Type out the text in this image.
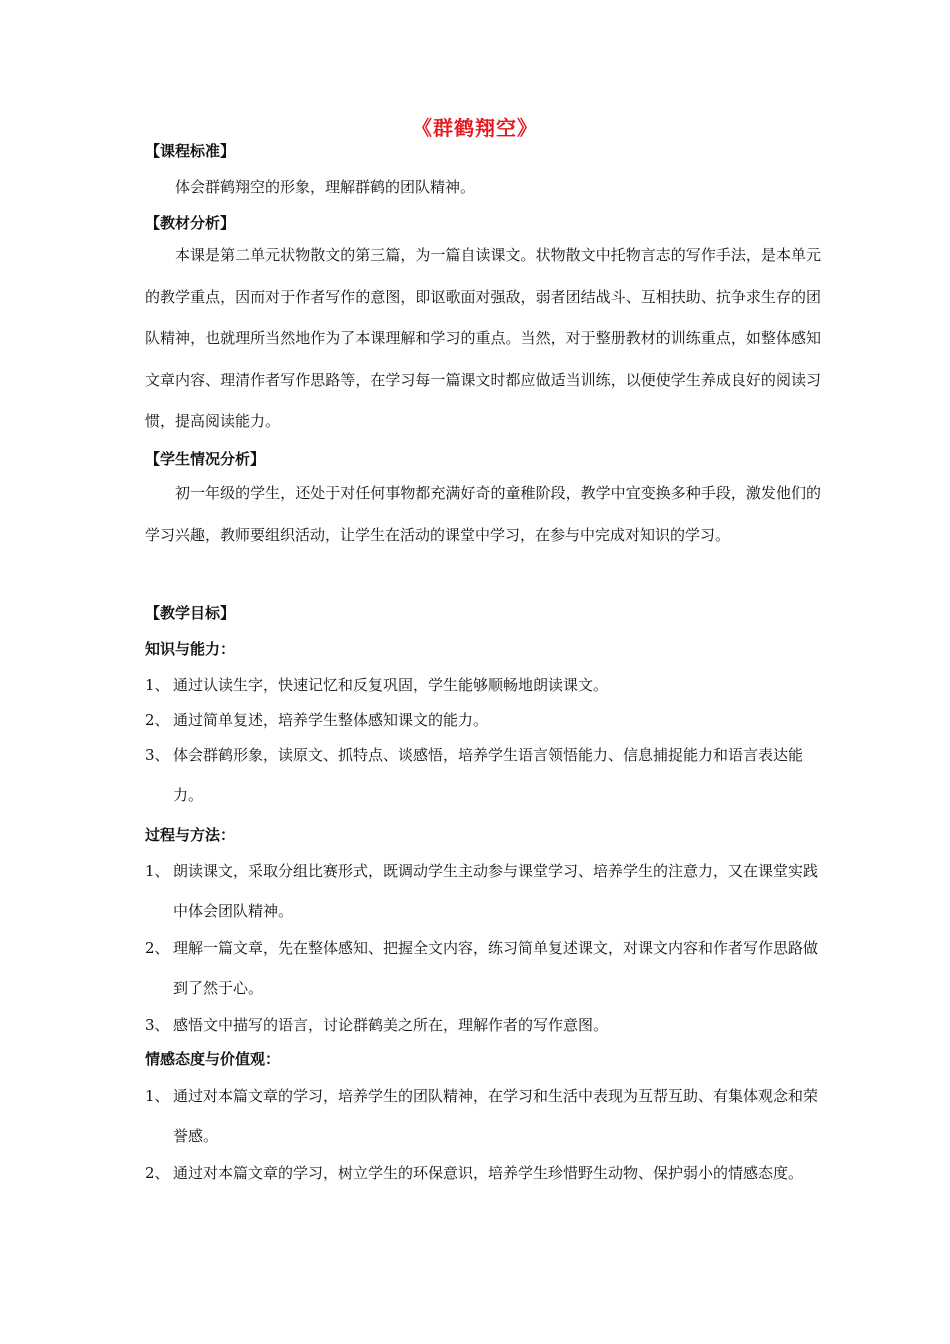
《群鹤翔空》
【课程标准】
体会群鹤翔空的形象，理解群鹤的团队精神。
【教材分析】
本课是第二单元状物散文的第三篇，为一篇自读课文。状物散文中托物言志的写作手法，是本单元的教学重点，因而对于作者写作的意图，即讴歌面对强敌，弱者团结战斗、互相扶助、抗争求生存的团队精神，也就理所当然地作为了本课理解和学习的重点。当然，对于整册教材的训练重点，如整体感知文章内容、理清作者写作思路等，在学习每一篇课文时都应做适当训练，以便使学生养成良好的阅读习惯，提高阅读能力。
【学生情况分析】
初一年级的学生，还处于对任何事物都充满好奇的童稚阶段，教学中宜变换多种手段，激发他们的学习兴趣，教师要组织活动，让学生在活动的课堂中学习，在参与中完成对知识的学习。
【教学目标】
知识与能力：
1、 通过认读生字，快速记忆和反复巩固，学生能够顺畅地朗读课文。
2、 通过简单复述，培养学生整体感知课文的能力。
3、 体会群鹤形象，读原文、抓特点、谈感悟，培养学生语言领悟能力、信息捕捉能力和语言表达能力。
过程与方法：
1、 朗读课文，采取分组比赛形式，既调动学生主动参与课堂学习、培养学生的注意力，又在课堂实践中体会团队精神。
2、 理解一篇文章，先在整体感知、把握全文内容，练习简单复述课文，对课文内容和作者写作思路做到了然于心。
3、 感悟文中描写的语言，讨论群鹤美之所在，理解作者的写作意图。
情感态度与价值观：
1、 通过对本篇文章的学习，培养学生的团队精神，在学习和生活中表现为互帮互助、有集体观念和荣誉感。
2、 通过对本篇文章的学习，树立学生的环保意识，培养学生珍惜野生动物、保护弱小的情感态度。
